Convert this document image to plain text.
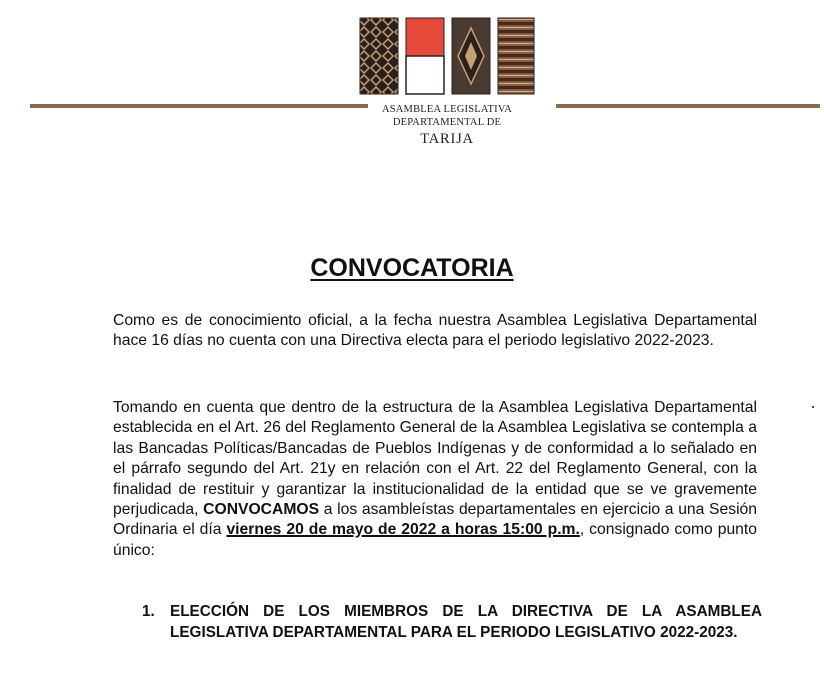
ASAMBLEA LEGISLATIVA
DEPARTAMENTAL DE
TARIJA
CONVOCATORIA
Como es de conocimiento oficial, a la fecha nuestra Asamblea Legislativa Departamental hace 16 días no cuenta con una Directiva electa para el periodo legislativo 2022-2023.
Tomando en cuenta que dentro de la estructura de la Asamblea Legislativa Departamental establecida en el Art. 26 del Reglamento General de la Asamblea Legislativa se contempla a las Bancadas Políticas/Bancadas de Pueblos Indígenas y de conformidad a lo señalado en el párrafo segundo del Art. 21y en relación con el Art. 22 del Reglamento General, con la finalidad de restituir y garantizar la institucionalidad de la entidad que se ve gravemente perjudicada, CONVOCAMOS a los asambleístas departamentales en ejercicio a una Sesión Ordinaria el día viernes 20 de mayo de 2022 a horas 15:00 p.m., consignado como punto único:
1. ELECCIÓN DE LOS MIEMBROS DE LA DIRECTIVA DE LA ASAMBLEA LEGISLATIVA DEPARTAMENTAL PARA EL PERIODO LEGISLATIVO 2022-2023.
